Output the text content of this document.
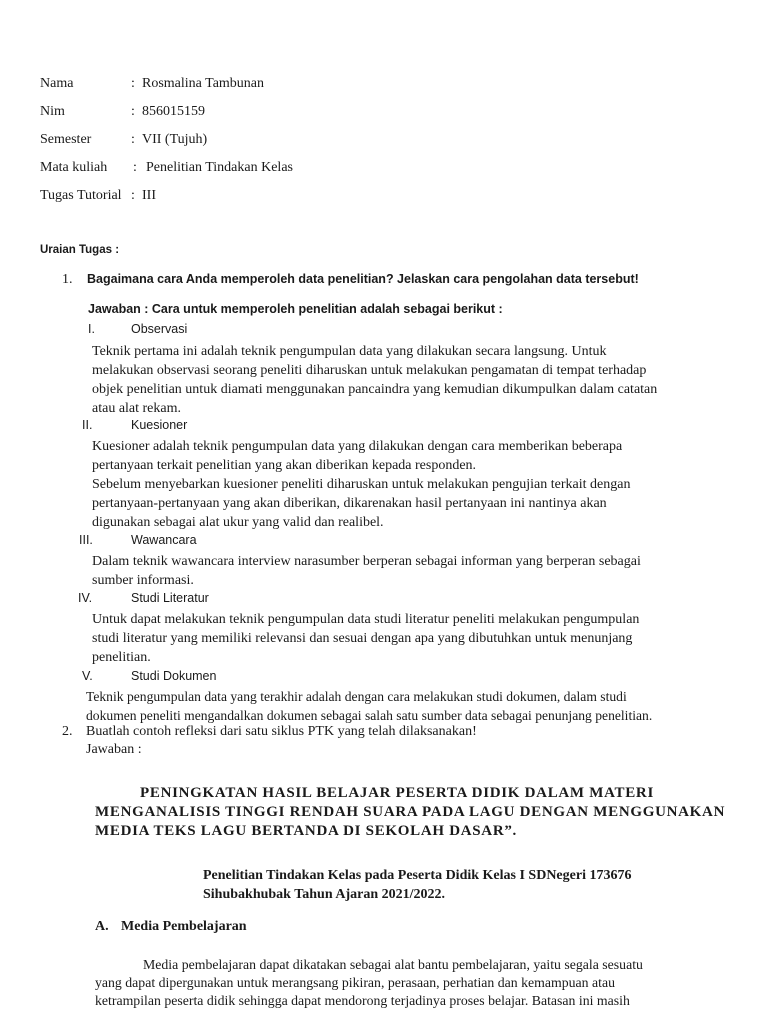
Nama	: Rosmalina Tambunan
Nim	: 856015159
Semester	: VII (Tujuh)
Mata kuliah : Penelitian Tindakan Kelas
Tugas Tutorial : III
Uraian Tugas :
1. Bagaimana cara Anda memperoleh data penelitian? Jelaskan cara pengolahan data tersebut!
Jawaban : Cara untuk memperoleh penelitian adalah sebagai berikut :
I.	Observasi
Teknik pertama ini adalah teknik pengumpulan data yang dilakukan secara langsung. Untuk
melakukan observasi seorang peneliti diharuskan untuk melakukan pengamatan di tempat terhadap
objek penelitian untuk diamati menggunakan pancaindra yang kemudian dikumpulkan dalam catatan
atau alat rekam.
II.	Kuesioner
Kuesioner adalah teknik pengumpulan data yang dilakukan dengan cara memberikan beberapa
pertanyaan terkait penelitian yang akan diberikan kepada responden.
Sebelum menyebarkan kuesioner peneliti diharuskan untuk melakukan pengujian terkait dengan
pertanyaan-pertanyaan yang akan diberikan, dikarenakan hasil pertanyaan ini nantinya akan
digunakan sebagai alat ukur yang valid dan realibel.
III.	Wawancara
Dalam teknik wawancara interview narasumber berperan sebagai informan yang berperan sebagai
sumber informasi.
IV.	Studi Literatur
Untuk dapat melakukan teknik pengumpulan data studi literatur peneliti melakukan pengumpulan
studi literatur yang memiliki relevansi dan sesuai dengan apa yang dibutuhkan untuk menunjang
penelitian.
V.	Studi Dokumen
Teknik pengumpulan data yang terakhir adalah dengan cara melakukan studi dokumen, dalam studi
dokumen peneliti mengandalkan dokumen sebagai salah satu sumber data sebagai penunjang penelitian.
2. Buatlah contoh refleksi dari satu siklus PTK yang telah dilaksanakan!
Jawaban :
PENINGKATAN HASIL BELAJAR PESERTA DIDIK DALAM MATERI
MENGANALISIS TINGGI RENDAH SUARA PADA LAGU DENGAN MENGGUNAKAN
MEDIA TEKS LAGU BERTANDA DI SEKOLAH DASAR”.
Penelitian Tindakan Kelas pada Peserta Didik Kelas I SDNegeri 173676
Sihubakhubak Tahun Ajaran 2021/2022.
A. Media Pembelajaran
Media pembelajaran dapat dikatakan sebagai alat bantu pembelajaran, yaitu segala sesuatu
yang dapat dipergunakan untuk merangsang pikiran, perasaan, perhatian dan kemampuan atau
ketrampilan peserta didik sehingga dapat mendorong terjadinya proses belajar. Batasan ini masih
